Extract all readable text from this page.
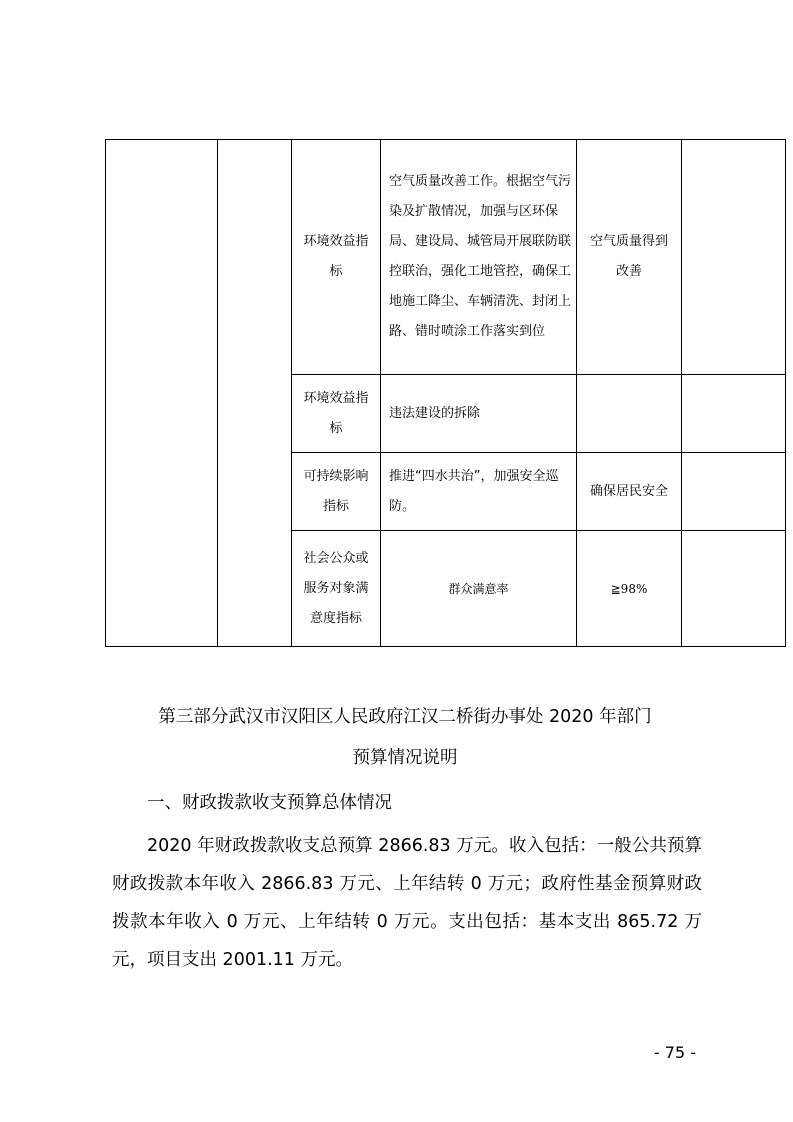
		环境效益指标	空气质量改善工作。根据空气污染及扩散情况，加强与区环保局、建设局、城管局开展联防联控联治，强化工地管控，确保工地施工降尘、车辆清洗、封闭上路、错时喷涂工作落实到位	空气质量得到改善	
		环境效益指标	违法建设的拆除		
		可持续影响指标	推进“四水共治”，加强安全巡防。	确保居民安全	
		社会公众或服务对象满意度指标	群众满意率	≧98%	
第三部分武汉市汉阳区人民政府江汉二桥街办事处 2020 年部门
预算情况说明
一、财政拨款收支预算总体情况
2020 年财政拨款收支总预算 2866.83 万元。收入包括：一般公共预算财政拨款本年收入 2866.83 万元、上年结转 0 万元；政府性基金预算财政拨款本年收入 0 万元、上年结转 0 万元。支出包括：基本支出 865.72 万元，项目支出 2001.11 万元。
- 75 -
